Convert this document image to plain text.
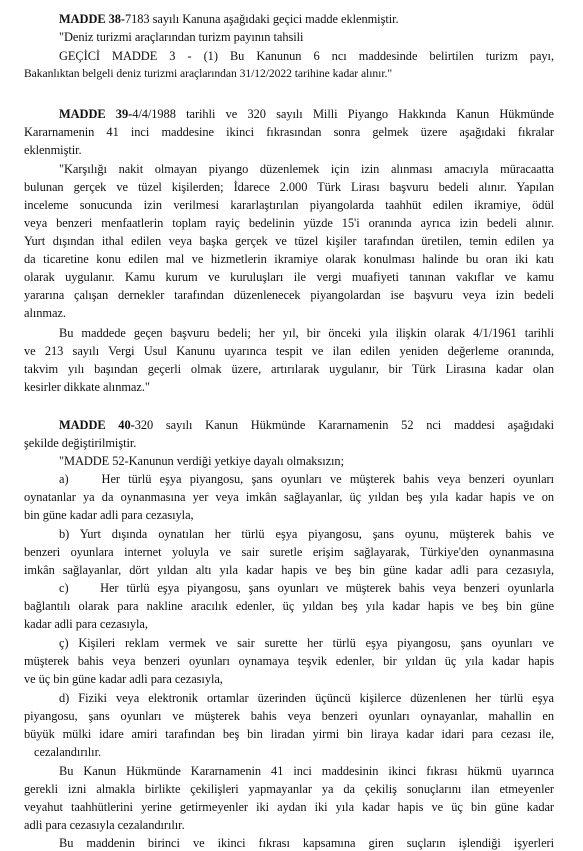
MADDE 38-7183 sayılı Kanuna aşağıdaki geçici madde eklenmiştir.
"Deniz turizmi araçlarından turizm payının tahsili
GEÇİCİ MADDE 3 - (1) Bu Kanunun 6 ncı maddesinde belirtilen turizm payı,
Bakanlıktan belgeli deniz turizmi araçlarından 31/12/2022 tarihine kadar alınır."
MADDE 39-4/4/1988 tarihli ve 320 sayılı Milli Piyango Hakkında Kanun Hükmünde
Kararnamenin 41 inci maddesine ikinci fıkrasından sonra gelmek üzere aşağıdaki fıkralar
eklenmiştir.
"Karşılığı nakit olmayan piyango düzenlemek için izin alınması amacıyla müracaatta
bulunan gerçek ve tüzel kişilerden; İdarece 2.000 Türk Lirası başvuru bedeli alınır. Yapılan
inceleme sonucunda izin verilmesi kararlaştırılan piyangolarda taahhüt edilen ikramiye, ödül
veya benzeri menfaatlerin toplam rayiç bedelinin yüzde 15'i oranında ayrıca izin bedeli alınır.
Yurt dışından ithal edilen veya başka gerçek ve tüzel kişiler tarafından üretilen, temin edilen ya
da ticaretine konu edilen mal ve hizmetlerin ikramiye olarak konulması halinde bu oran iki katı
olarak uygulanır. Kamu kurum ve kuruluşları ile vergi muafiyeti tanınan vakıflar ve kamu
yararına çalışan dernekler tarafından düzenlenecek piyangolardan ise başvuru veya izin bedeli
alınmaz.
Bu maddede geçen başvuru bedeli; her yıl, bir önceki yıla ilişkin olarak 4/1/1961 tarihli
ve 213 sayılı Vergi Usul Kanunu uyarınca tespit ve ilan edilen yeniden değerleme oranında,
takvim yılı başından geçerli olmak üzere, artırılarak uygulanır, bir Türk Lirasına kadar olan
kesirler dikkate alınmaz."
MADDE 40-320 sayılı Kanun Hükmünde Kararnamenin 52 nci maddesi aşağıdaki
şekilde değiştirilmiştir.
"MADDE 52-Kanunun verdiği yetkiye dayalı olmaksızın;
a)    Her türlü eşya piyangosu, şans oyunları ve müşterek bahis veya benzeri oyunları
oynatanlar ya da oynanmasına yer veya imkân sağlayanlar, üç yıldan beş yıla kadar hapis ve on
bin güne kadar adli para cezasıyla,
b) Yurt dışında oynatılan her türlü eşya piyangosu, şans oyunu, müşterek bahis ve
benzeri oyunlara internet yoluyla ve sair suretle erişim sağlayarak, Türkiye'den oynanmasına
imkân sağlayanlar, dört yıldan altı yıla kadar hapis ve beş bin güne kadar adli para cezasıyla,
c)    Her türlü eşya piyangosu, şans oyunları ve müşterek bahis veya benzeri oyunlarla
bağlantılı olarak para nakline aracılık edenler, üç yıldan beş yıla kadar hapis ve beş bin güne
kadar adli para cezasıyla,
ç) Kişileri reklam vermek ve sair surette her türlü eşya piyangosu, şans oyunları ve
müşterek bahis veya benzeri oyunları oynamaya teşvik edenler, bir yıldan üç yıla kadar hapis
ve üç bin güne kadar adli para cezasıyla,
d) Fiziki veya elektronik ortamlar üzerinden üçüncü kişilerce düzenlenen her türlü eşya
piyangosu, şans oyunları ve müşterek bahis veya benzeri oyunları oynayanlar, mahallin en
büyük mülki idare amiri tarafından beş bin liradan yirmi bin liraya kadar idari para cezası ile,
cezalandırılır.
Bu Kanun Hükmünde Kararnamenin 41 inci maddesinin ikinci fıkrası hükmü uyarınca
gerekli izni almakla birlikte çekilişleri yapmayanlar ya da çekiliş sonuçlarını ilan etmeyenler
veyahut taahhütlerini yerine getirmeyenler iki aydan iki yıla kadar hapis ve üç bin güne kadar
adli para cezasıyla cezalandırılır.
Bu maddenin birinci ve ikinci fıkrası kapsamına giren suçların işlendiği işyerleri
